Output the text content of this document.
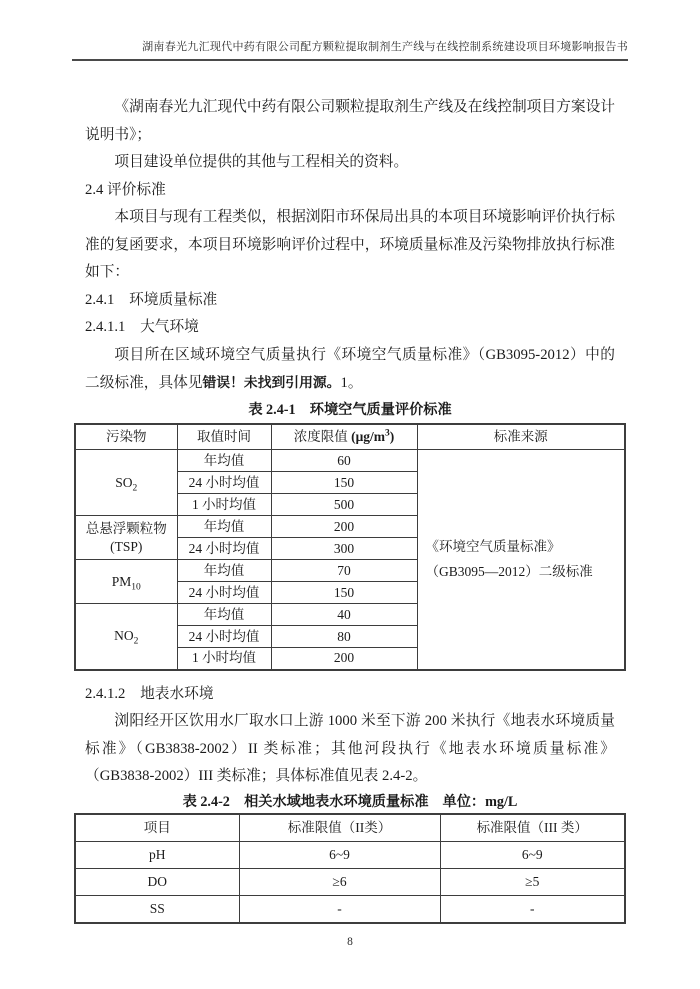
湖南春光九汇现代中药有限公司配方颗粒提取制剂生产线与在线控制系统建设项目环境影响报告书

《湖南春光九汇现代中药有限公司颗粒提取剂生产线及在线控制项目方案设计说明书》；

项目建设单位提供的其他与工程相关的资料。

2.4 评价标准

本项目与现有工程类似，根据浏阳市环保局出具的本项目环境影响评价执行标准的复函要求，本项目环境影响评价过程中，环境质量标准及污染物排放执行标准如下：

2.4.1　环境质量标准

2.4.1.1　大气环境

项目所在区域环境空气质量执行《环境空气质量标准》（GB3095-2012）中的二级标准，具体见错误！未找到引用源。1。

表 2.4-1　环境空气质量评价标准

污染物	取值时间	浓度限值 $(\mu g/m^3)$	标准来源
$SO_2$	年均值	60	《环境空气质量标准》
（GB3095—2012）二级标准
	24 小时均值	150	
	1 小时均值	500	
总悬浮颗粒物
(TSP)	年均值	200	
	24 小时均值	300	
$PM_{10}$	年均值	70	
	24 小时均值	150	
$NO_2$	年均值	40	
	24 小时均值	80	
	1 小时均值	200	

2.4.1.2　地表水环境

浏阳经开区饮用水厂取水口上游 1000 米至下游 200 米执行《地表水环境质量标准》（GB3838-2002）II 类标准；其他河段执行《地表水环境质量标准》（GB3838-2002）III 类标准；具体标准值见表 2.4-2。

表 2.4-2　相关水域地表水环境质量标准 单位：mg/L

项目	标准限值（II类）	标准限值（III 类）
pH	6~9	6~9
DO	≥6	≥5
SS	-	-
8
